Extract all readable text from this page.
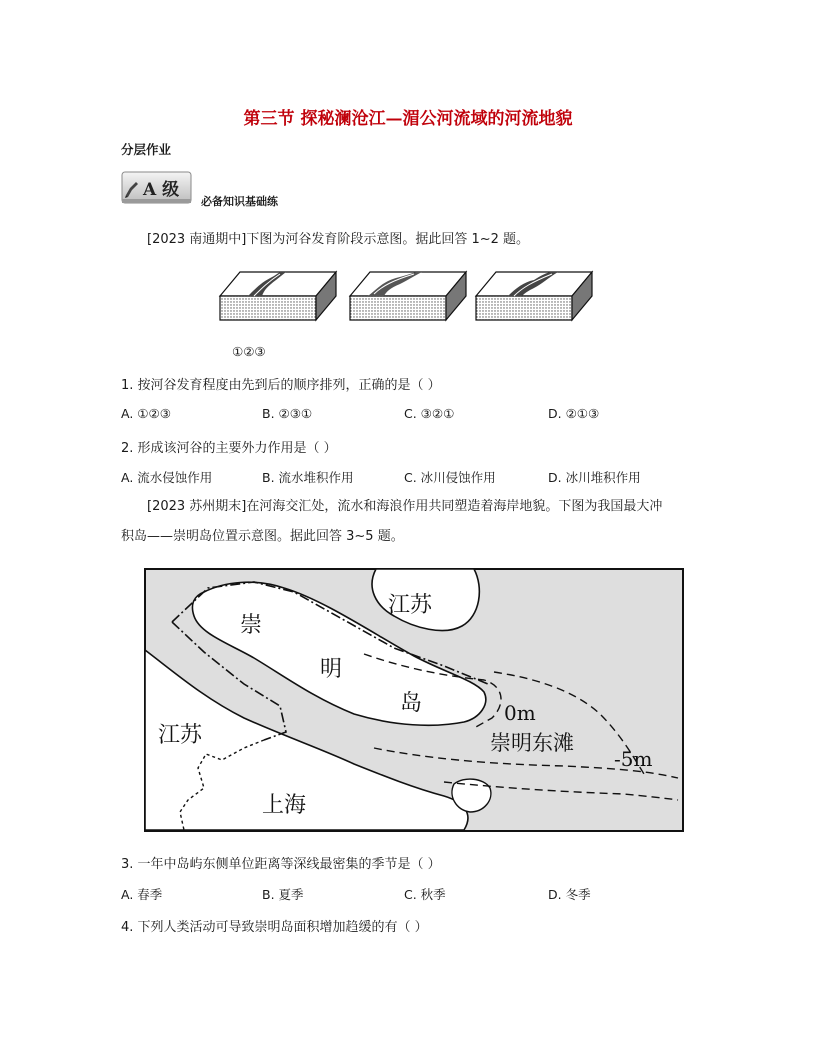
第三节 探秘澜沧江—湄公河流域的河流地貌
分层作业
A 级
必备知识基础练
[2023 南通期中]下图为河谷发育阶段示意图。据此回答 1~2 题。
①②③
1. 按河谷发育程度由先到后的顺序排列，正确的是（ ）
A. ①②③	B. ②③①	C. ③②①	D. ②①③
2. 形成该河谷的主要外力作用是（ ）
A. 流水侵蚀作用	B. 流水堆积作用	C. 冰川侵蚀作用	D. 冰川堆积作用
[2023 苏州期末]在河海交汇处，流水和海浪作用共同塑造着海岸地貌。下图为我国最大冲
积岛——崇明岛位置示意图。据此回答 3~5 题。
江苏
崇
明
岛
江苏
上海
0m
崇明东滩
-5m
3. 一年中岛屿东侧单位距离等深线最密集的季节是（ ）
A. 春季	B. 夏季	C. 秋季	D. 冬季
4. 下列人类活动可导致崇明岛面积增加趋缓的有（ ）
